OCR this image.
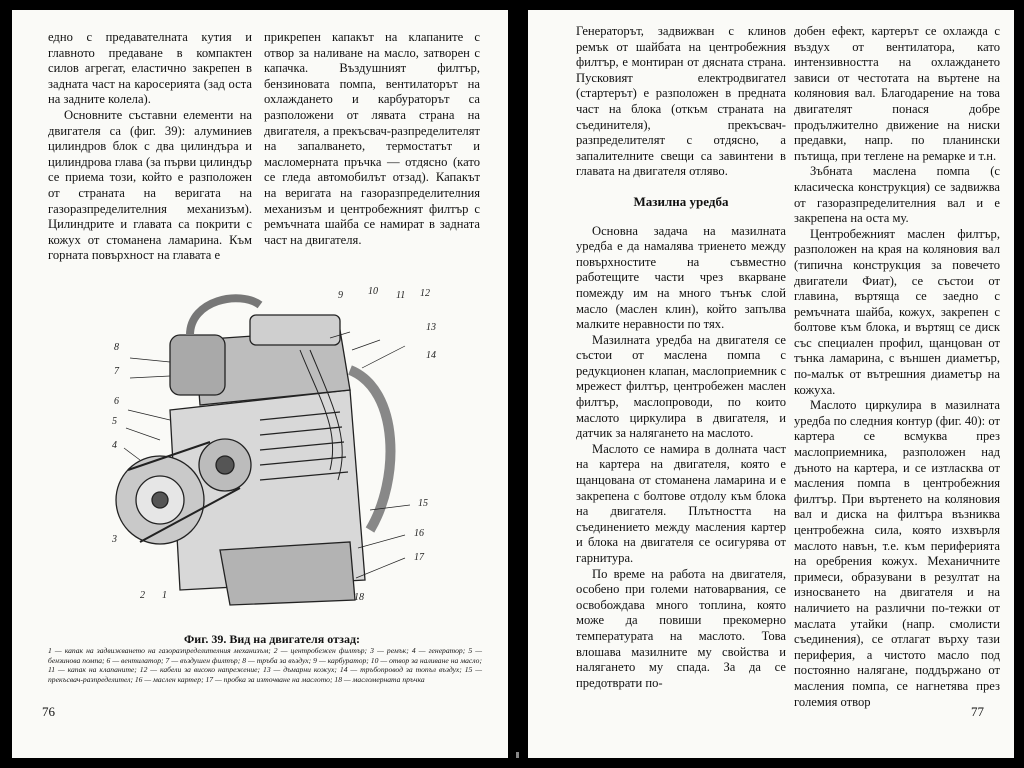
едно с предавателната кутия и главното предаване в компактен силов агрегат, еластично закрепен в задната част на каросерията (зад оста на задните колела).

Основните съставни елементи на двигателя са (фиг. 39): алуминиев цилиндров блок с два цилиндъра и цилиндрова глава (за първи цилиндър се приема този, който е разположен от страната на веригата на газоразпределителния механизъм). Цилиндрите и главата са покрити с кожух от стоманена ламарина. Към горната повърхност на главата е

прикрепен капакът на клапаните с отвор за наливане на масло, затворен с капачка. Въздушният филтър, бензиновата помпа, вентилаторът на охлаждането и карбураторът са разположени от лявата страна на двигателя, а прекъсвач-разпределителят на запалването, термостатът и масломерната пръчка — отдясно (като се гледа автомобилът отзад). Капакът на веригата на газоразпределителния механизъм и центробежният филтър с ремъчната шайба се намират в задната част на двигателя.

1
2
3
4
5
6
7
8
9	10 11 12
13
14
15
16
17
18
Фиг. 39. Вид на двигателя отзад:
1 — капак на задвижването на газоразпределителния механизъм; 2 — центробежен филтър; 3 — ремък; 4 — генератор; 5 — бензинова помпа; 6 — вентилатор; 7 — въздушен филтър; 8 — тръба за въздух; 9 — карбуратор; 10 — отвор за наливане на масло; 11 — капак на клапаните; 12 — кабели за високо напрежение; 13 — дъмарни кожух; 14 — тръбопровод за топъл въздух; 15 — прекъсвач-разпределител; 16 — маслен картер; 17 — пробка за източване на маслото; 18 — масломерната пръчка
76

Генераторът, задвижван с клинов ремък от шайбата на центробежния филтър, е монтиран от дясната страна. Пусковият електродвигател (стартерът) е разположен в предната част на блока (откъм страната на съединителя), прекъсвач-разпределителят с отдясно, а запалителните свещи са завинтени в главата на двигателя отляво.

Мазилна уредба

Основна задача на мазилната уредба е да намалява триенето между повърхностите на съвместно работещите части чрез вкарване помежду им на много тънък слой масло (маслен клин), който запълва малките неравности по тях.

Мазилната уредба на двигателя се състои от маслена помпа с редукционен клапан, маслоприемник с мрежест филтър, центробежен маслен филтър, маслопроводи, по които маслото циркулира в двигателя, и датчик за налягането на маслото.

Маслото се намира в долната част на картера на двигателя, която е щанцована от стоманена ламарина и е закрепена с болтове отдолу към блока на двигателя. Плътността на съединението между масления картер и блока на двигателя се осигурява от гарнитура.

По време на работа на двигателя, особено при големи натоварвания, се освобождава много топлина, която може да повиши прекомерно температурата на маслото. Това влошава мазилните му свойства и налягането му спада. За да се предотврати по-

добен ефект, картерът се охлажда с въздух от вентилатора, като интензивността на охлаждането зависи от честотата на въртене на коляновия вал. Благодарение на това двигателят понася добре продължително движение на ниски предавки, напр. по планински пътища, при теглене на ремарке и т.н.

Зъбната маслена помпа (с класическа конструкция) се задвижва от газоразпределителния вал и е закрепена на оста му.

Центробежният маслен филтър, разположен на края на коляновия вал (типична конструкция за повечето двигатели Фиат), се състои от главина, въртяща се заедно с ремъчната шайба, кожух, закрепен с болтове към блока, и въртящ се диск със специален профил, щанцован от тънка ламарина, с външен диаметър, по-малък от вътрешния диаметър на кожуха.

Маслото циркулира в мазилната уредба по следния контур (фиг. 40): от картера се всмуква през маслоприемника, разположен над дъното на картера, и се изтласква от масления помпа в центробежния филтър. При въртенето на коляновия вал и диска на филтъра възниква центробежна сила, която изхвърля маслото навън, т.е. към периферията на оребрения кожух. Механичните примеси, образувани в резултат на износването на двигателя и на наличието на различни по-тежки от маслата утайки (напр. смолисти съединения), се отлагат върху тази периферия, а чистото масло под постоянно налягане, поддържано от масления помпа, се нагнетява през големия отвор

77
